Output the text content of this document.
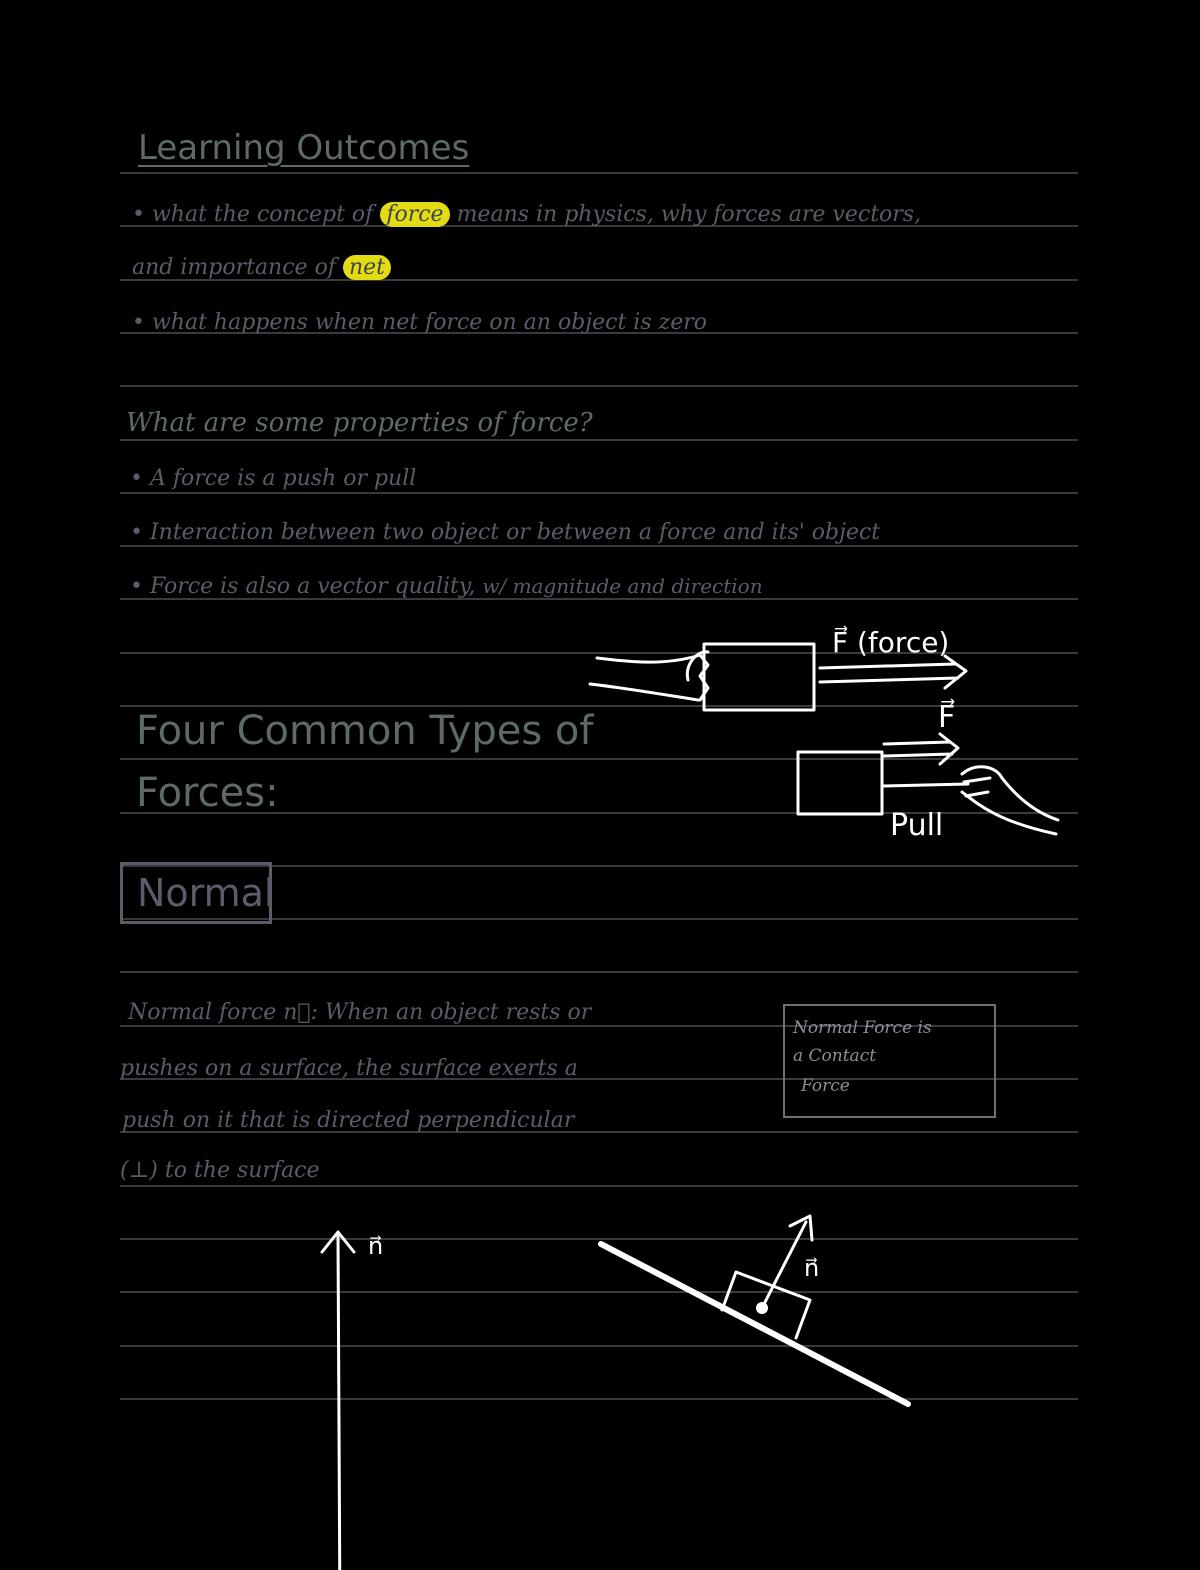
Learning Outcomes
• what the concept of force means in physics, why forces are vectors,
and importance of net
• what happens when net force on an object is zero
What are some properties of force?
• A force is a push or pull
• Interaction between two object or between a force and its' object
• Force is also a vector quality, w/ magnitude and direction
Four Common Types of
Forces:
Normal
Normal force n⃗: When an object rests or
pushes on a surface, the surface exerts a
push on it that is directed perpendicular
(⊥) to the surface
Normal Force is
a Contact
Force
F⃗ (force)
F⃗
Pull
n⃗
n⃗
